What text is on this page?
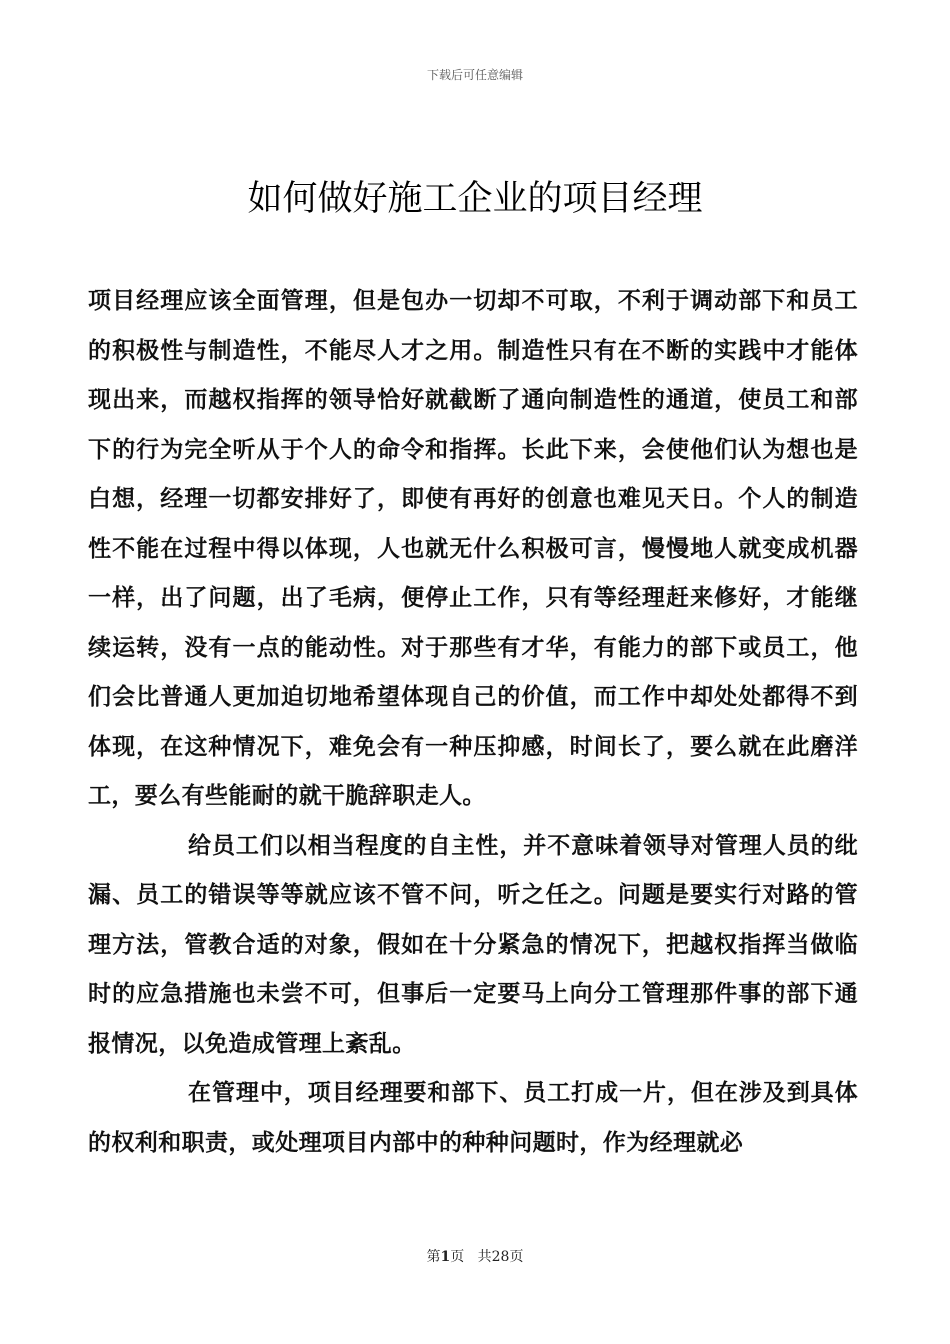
下载后可任意编辑
如何做好施工企业的项目经理

项目经理应该全面管理，但是包办一切却不可取，不利于调动部下和员工的积极性与制造性，不能尽人才之用。制造性只有在不断的实践中才能体现出来，而越权指挥的领导恰好就截断了通向制造性的通道，使员工和部下的行为完全听从于个人的命令和指挥。长此下来，会使他们认为想也是白想，经理一切都安排好了，即使有再好的创意也难见天日。个人的制造性不能在过程中得以体现，人也就无什么积极可言，慢慢地人就变成机器一样，出了问题，出了毛病，便停止工作，只有等经理赶来修好，才能继续运转，没有一点的能动性。对于那些有才华，有能力的部下或员工，他们会比普通人更加迫切地希望体现自己的价值，而工作中却处处都得不到体现，在这种情况下，难免会有一种压抑感，时间长了，要么就在此磨洋工，要么有些能耐的就干脆辞职走人。

给员工们以相当程度的自主性，并不意味着领导对管理人员的纰漏、员工的错误等等就应该不管不问，听之任之。问题是要实行对路的管理方法，管教合适的对象，假如在十分紧急的情况下，把越权指挥当做临时的应急措施也未尝不可，但事后一定要马上向分工管理那件事的部下通报情况，以免造成管理上紊乱。

在管理中，项目经理要和部下、员工打成一片，但在涉及到具体的权利和职责，或处理项目内部中的种种问题时，作为经理就必

第1页 共28页
